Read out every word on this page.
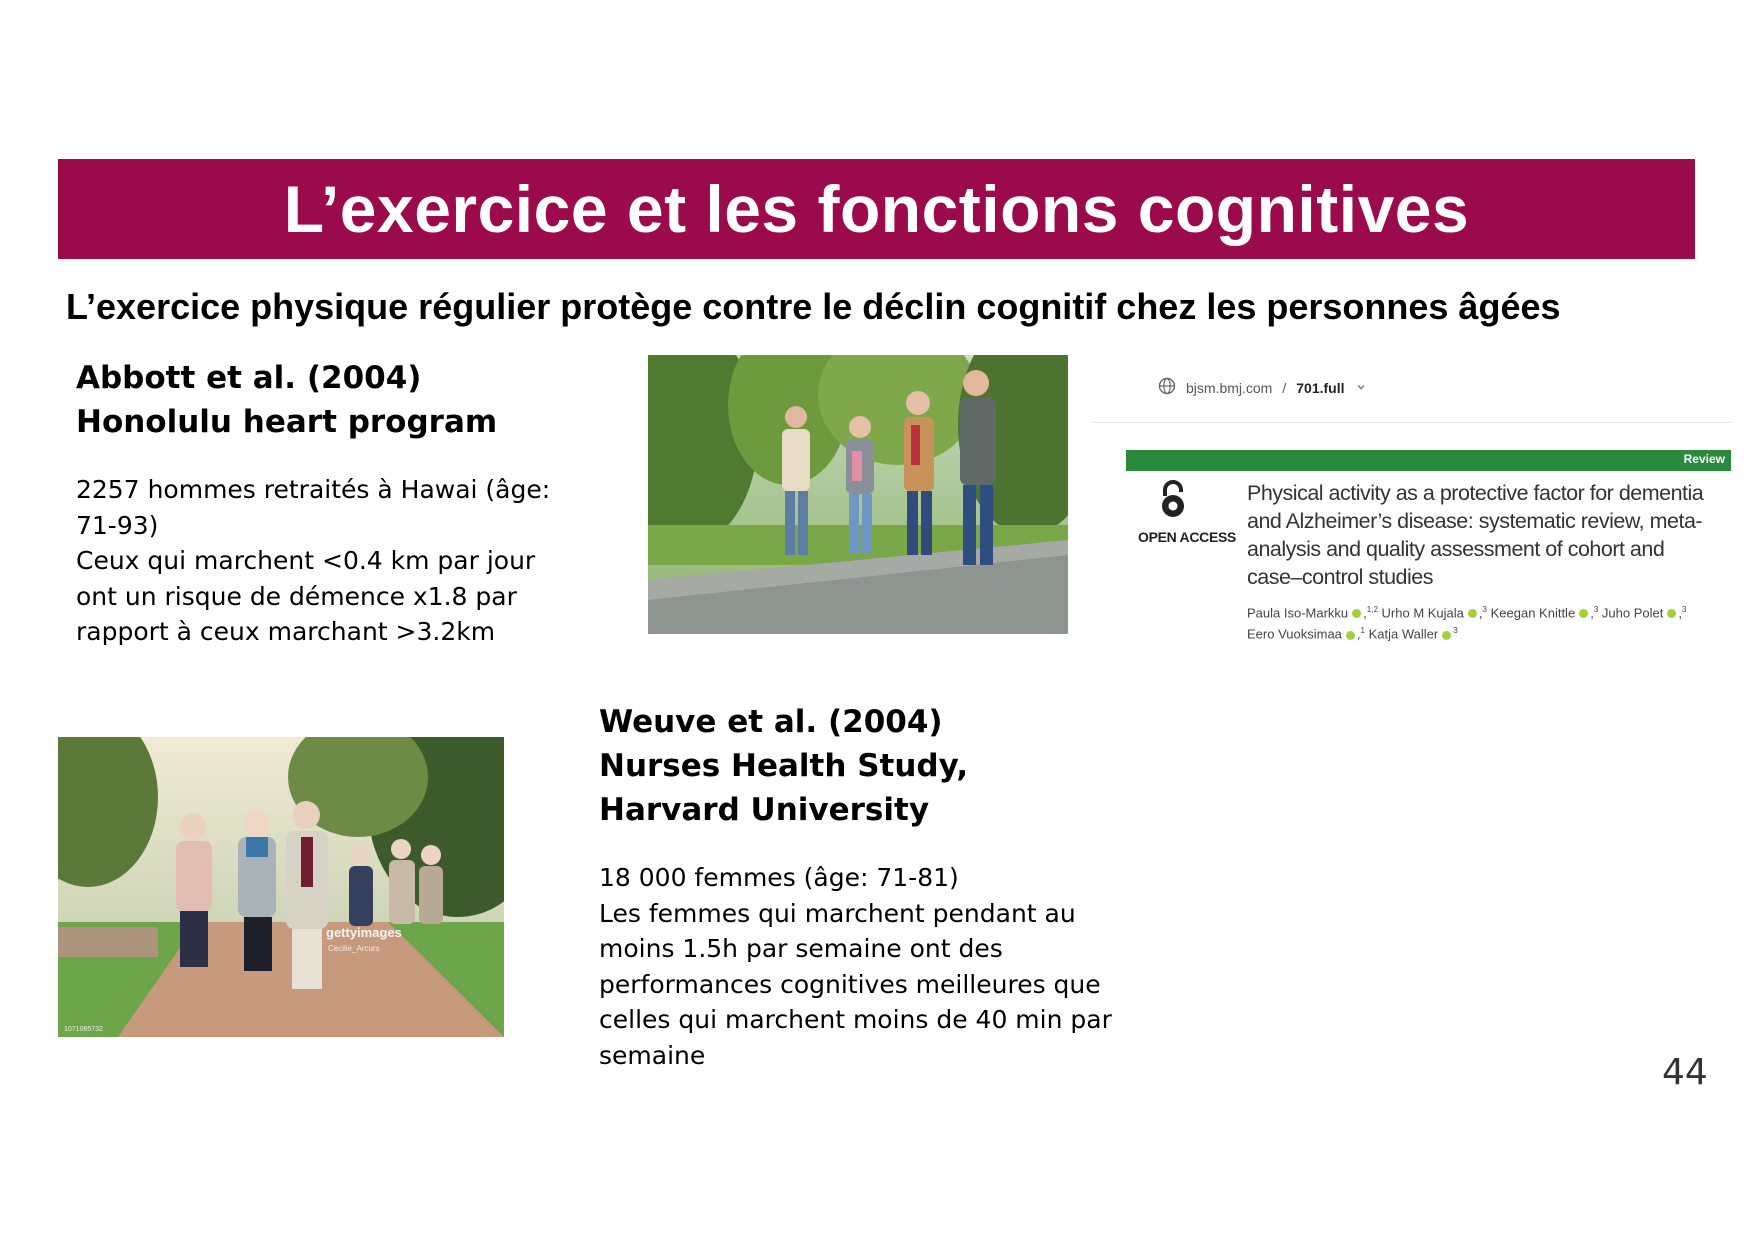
L’exercice et les fonctions cognitives
L’exercice physique régulier protège contre le déclin cognitif chez les personnes âgées
Abbott et al. (2004)
Honolulu heart program
2257 hommes retraités à Hawai (âge: 71-93)
Ceux qui marchent <0.4 km par jour ont un risque de démence x1.8 par rapport à ceux marchant >3.2km
bjsm.bmj.com / 701.full
Review
OPEN ACCESS
Physical activity as a protective factor for dementia and Alzheimer’s disease: systematic review, meta-analysis and quality assessment of cohort and case–control studies
Paula Iso-Markku ,$^{1,2}$ Urho M Kujala ,$^3$ Keegan Knittle ,$^3$ Juho Polet ,$^3$
Eero Vuoksimaa ,$^1$ Katja Waller $^3$
gettyimages
Cecilie_Arcurs
1071065732
Weuve et al. (2004)
Nurses Health Study, Harvard University
18 000 femmes (âge: 71-81)
Les femmes qui marchent pendant au moins 1.5h par semaine ont des performances cognitives meilleures que celles qui marchent moins de 40 min par semaine	44
